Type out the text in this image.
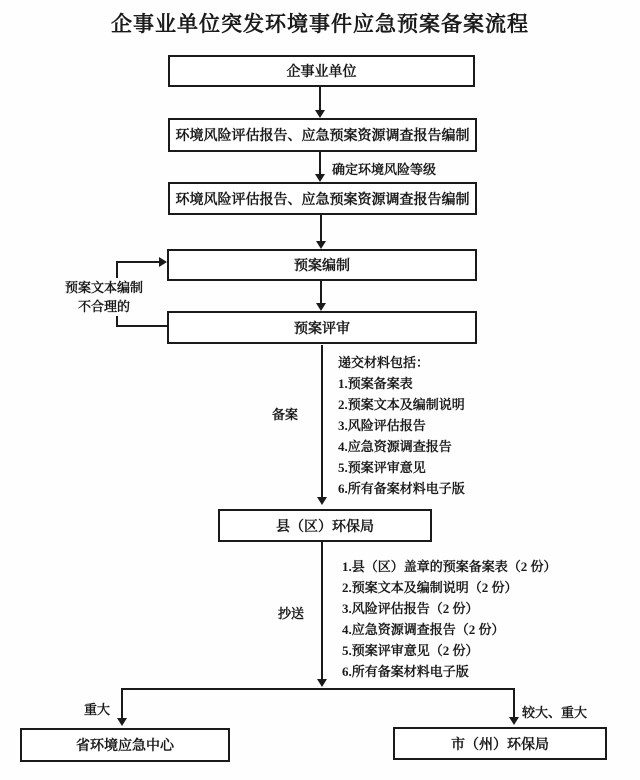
企事业单位突发环境事件应急预案备案流程
企事业单位
环境风险评估报告、应急预案资源调查报告编制
环境风险评估报告、应急预案资源调查报告编制
预案编制
预案评审
县（区）环保局
省环境应急中心	市（州）环保局
预案文本编制
不合理的
确定环境风险等级
备案
抄送
重大	较大、重大
递交材料包括：
1.预案备案表
2.预案文本及编制说明
3.风险评估报告
4.应急资源调查报告
5.预案评审意见
6.所有备案材料电子版
1.县（区）盖章的预案备案表（2 份）
2.预案文本及编制说明（2 份）
3.风险评估报告（2 份）
4.应急资源调查报告（2 份）
5.预案评审意见（2 份）
6.所有备案材料电子版
